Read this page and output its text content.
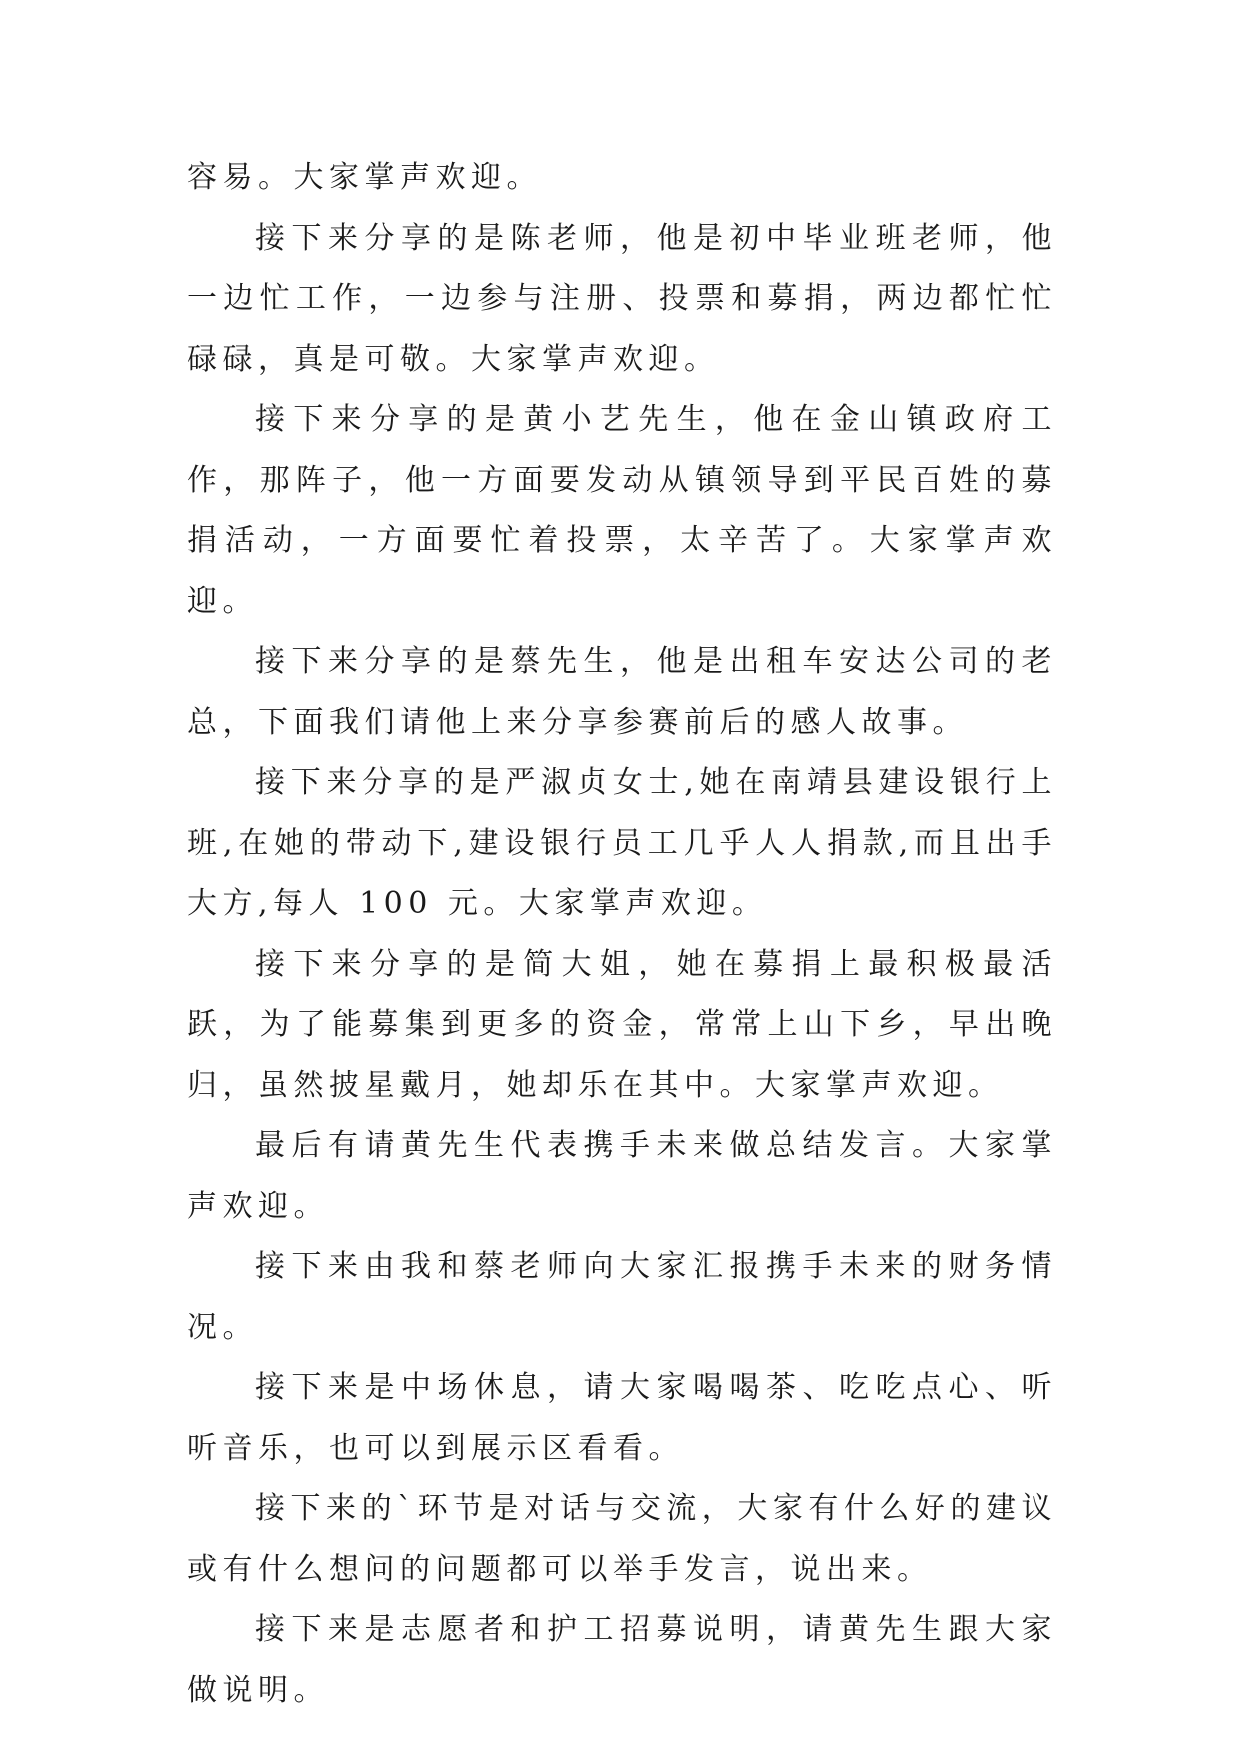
容易。大家掌声欢迎。

接下来分享的是陈老师，他是初中毕业班老师，他一边忙工作，一边参与注册、投票和募捐，两边都忙忙碌碌，真是可敬。大家掌声欢迎。

接下来分享的是黄小艺先生，他在金山镇政府工作，那阵子，他一方面要发动从镇领导到平民百姓的募捐活动，一方面要忙着投票，太辛苦了。大家掌声欢迎。

接下来分享的是蔡先生，他是出租车安达公司的老总，下面我们请他上来分享参赛前后的感人故事。

接下来分享的是严淑贞女士,她在南靖县建设银行上班,在她的带动下,建设银行员工几乎人人捐款,而且出手大方,每人 100 元。大家掌声欢迎。

接下来分享的是简大姐，她在募捐上最积极最活跃，为了能募集到更多的资金，常常上山下乡，早出晚归，虽然披星戴月，她却乐在其中。大家掌声欢迎。

最后有请黄先生代表携手未来做总结发言。大家掌声欢迎。

接下来由我和蔡老师向大家汇报携手未来的财务情况。

接下来是中场休息，请大家喝喝茶、吃吃点心、听听音乐，也可以到展示区看看。

接下来的`环节是对话与交流，大家有什么好的建议或有什么想问的问题都可以举手发言，说出来。

接下来是志愿者和护工招募说明，请黄先生跟大家做说明。
